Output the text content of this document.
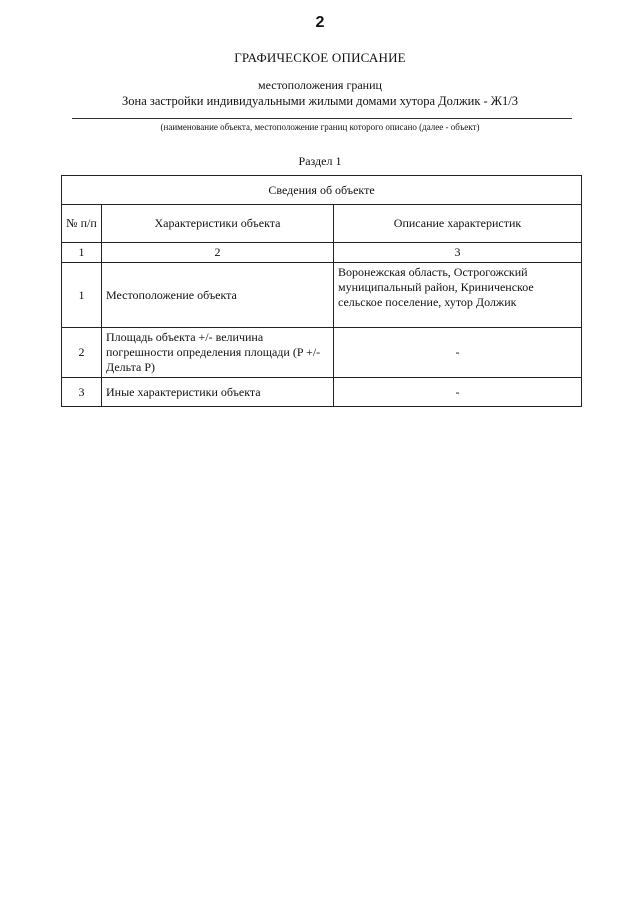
2
ГРАФИЧЕСКОЕ ОПИСАНИЕ
местоположения границ
Зона застройки индивидуальными жилыми домами хутора Должик - Ж1/3
(наименование объекта, местоположение границ которого описано (далее - объект)
Раздел 1
Сведения об объекте		
№ п/п	Характеристики объекта	Описание характеристик
1	2	3
1	Местоположение объекта	Воронежская область, Острогожский муниципальный район, Криниченское сельское поселение, хутор Должик
2	Площадь объекта +/- величина погрешности определения площади (P +/- Дельта P)	-
3	Иные характеристики объекта	-
